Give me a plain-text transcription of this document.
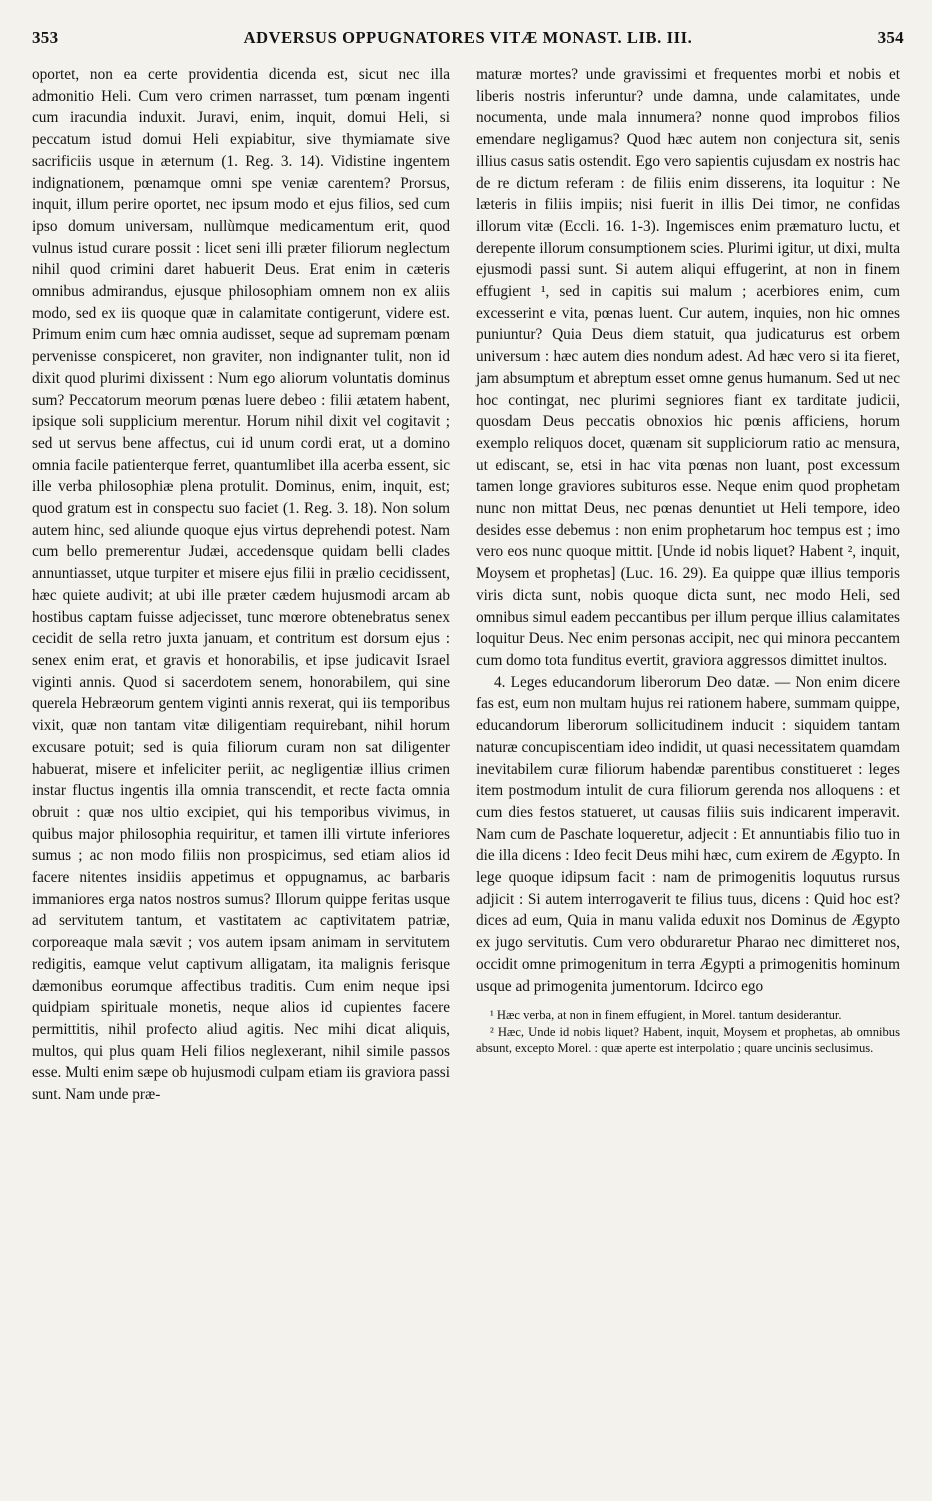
353	ADVERSUS OPPUGNATORES VITÆ MONAST. LIB. III.	354

oportet, non ea certe providentia dicenda est, sicut nec illa admonitio Heli. Cum vero crimen narrasset, tum pœnam ingenti cum iracundia induxit. Juravi, enim, inquit, domui Heli, si peccatum istud domui Heli expiabitur, sive thymiamate sive sacrificiis usque in æternum (1. Reg. 3. 14). Vidistine ingentem indignationem, pœnamque omni spe veniæ carentem? Prorsus, inquit, illum perire oportet, nec ipsum modo et ejus filios, sed cum ipso domum universam, nullùmque medicamentum erit, quod vulnus istud curare possit : licet seni illi præter filiorum neglectum nihil quod crimini daret habuerit Deus. Erat enim in cæteris omnibus admirandus, ejusque philosophiam omnem non ex aliis modo, sed ex iis quoque quæ in calamitate contigerunt, videre est. Primum enim cum hæc omnia audisset, seque ad supremam pœnam pervenisse conspiceret, non graviter, non indignanter tulit, non id dixit quod plurimi dixissent : Num ego aliorum voluntatis dominus sum? Peccatorum meorum pœnas luere debeo : filii ætatem habent, ipsique soli supplicium merentur. Horum nihil dixit vel cogitavit ; sed ut servus bene affectus, cui id unum cordi erat, ut a domino omnia facile patienterque ferret, quantumlibet illa acerba essent, sic ille verba philosophiæ plena protulit. Dominus, enim, inquit, est; quod gratum est in conspectu suo faciet (1. Reg. 3. 18). Non solum autem hinc, sed aliunde quoque ejus virtus deprehendi potest. Nam cum bello premerentur Judæi, accedensque quidam belli clades annuntiasset, utque turpiter et misere ejus filii in prælio cecidissent, hæc quiete audivit; at ubi ille præter cædem hujusmodi arcam ab hostibus captam fuisse adjecisset, tunc mœrore obtenebratus senex cecidit de sella retro juxta januam, et contritum est dorsum ejus : senex enim erat, et gravis et honorabilis, et ipse judicavit Israel viginti annis. Quod si sacerdotem senem, honorabilem, qui sine querela Hebræorum gentem viginti annis rexerat, qui iis temporibus vixit, quæ non tantam vitæ diligentiam requirebant, nihil horum excusare potuit; sed is quia filiorum curam non sat diligenter habuerat, misere et infeliciter periit, ac negligentiæ illius crimen instar fluctus ingentis illa omnia transcendit, et recte facta omnia obruit : quæ nos ultio excipiet, qui his temporibus vivimus, in quibus major philosophia requiritur, et tamen illi virtute inferiores sumus ; ac non modo filiis non prospicimus, sed etiam alios id facere nitentes insidiis appetimus et oppugnamus, ac barbaris immaniores erga natos nostros sumus? Illorum quippe feritas usque ad servitutem tantum, et vastitatem ac captivitatem patriæ, corporeaque mala sævit ; vos autem ipsam animam in servitutem redigitis, eamque velut captivum alligatam, ita malignis ferisque dæmonibus eorumque affectibus traditis. Cum enim neque ipsi quidpiam spirituale monetis, neque alios id cupientes facere permittitis, nihil profecto aliud agitis. Nec mihi dicat aliquis, multos, qui plus quam Heli filios neglexerant, nihil simile passos esse. Multi enim sæpe ob hujusmodi culpam etiam iis graviora passi sunt. Nam unde præ-

maturæ mortes? unde gravissimi et frequentes morbi et nobis et liberis nostris inferuntur? unde damna, unde calamitates, unde nocumenta, unde mala innumera? nonne quod improbos filios emendare negligamus? Quod hæc autem non conjectura sit, senis illius casus satis ostendit. Ego vero sapientis cujusdam ex nostris hac de re dictum referam : de filiis enim disserens, ita loquitur : Ne læteris in filiis impiis; nisi fuerit in illis Dei timor, ne confidas illorum vitæ (Eccli. 16. 1-3). Ingemisces enim præmaturo luctu, et derepente illorum consumptionem scies. Plurimi igitur, ut dixi, multa ejusmodi passi sunt. Si autem aliqui effugerint, at non in finem effugient ¹, sed in capitis sui malum ; acerbiores enim, cum excesserint e vita, pœnas luent. Cur autem, inquies, non hic omnes puniuntur? Quia Deus diem statuit, qua judicaturus est orbem universum : hæc autem dies nondum adest. Ad hæc vero si ita fieret, jam absumptum et abreptum esset omne genus humanum. Sed ut nec hoc contingat, nec plurimi segniores fiant ex tarditate judicii, quosdam Deus peccatis obnoxios hic pœnis afficiens, horum exemplo reliquos docet, quænam sit suppliciorum ratio ac mensura, ut ediscant, se, etsi in hac vita pœnas non luant, post excessum tamen longe graviores subituros esse. Neque enim quod prophetam nunc non mittat Deus, nec pœnas denuntiet ut Heli tempore, ideo desides esse debemus : non enim prophetarum hoc tempus est ; imo vero eos nunc quoque mittit. [Unde id nobis liquet? Habent ², inquit, Moysem et prophetas] (Luc. 16. 29). Ea quippe quæ illius temporis viris dicta sunt, nobis quoque dicta sunt, nec modo Heli, sed omnibus simul eadem peccantibus per illum perque illius calamitates loquitur Deus. Nec enim personas accipit, nec qui minora peccantem cum domo tota funditus evertit, graviora aggressos dimittet inultos.

4. Leges educandorum liberorum Deo datæ. — Non enim dicere fas est, eum non multam hujus rei rationem habere, summam quippe, educandorum liberorum sollicitudinem inducit : siquidem tantam naturæ concupiscentiam ideo indidit, ut quasi necessitatem quamdam inevitabilem curæ filiorum habendæ parentibus constitueret : leges item postmodum intulit de cura filiorum gerenda nos alloquens : et cum dies festos statueret, ut causas filiis suis indicarent imperavit. Nam cum de Paschate loqueretur, adjecit : Et annuntiabis filio tuo in die illa dicens : Ideo fecit Deus mihi hæc, cum exirem de Ægypto. In lege quoque idipsum facit : nam de primogenitis loquutus rursus adjicit : Si autem interrogaverit te filius tuus, dicens : Quid hoc est? dices ad eum, Quia in manu valida eduxit nos Dominus de Ægypto ex jugo servitutis. Cum vero obduraretur Pharao nec dimitteret nos, occidit omne primogenitum in terra Ægypti a primogenitis hominum usque ad primogenita jumentorum. Idcirco ego

¹ Hæc verba, at non in finem effugient, in Morel. tantum desiderantur.

² Hæc, Unde id nobis liquet? Habent, inquit, Moysem et prophetas, ab omnibus absunt, excepto Morel. : quæ aperte est interpolatio ; quare uncinis seclusimus.
